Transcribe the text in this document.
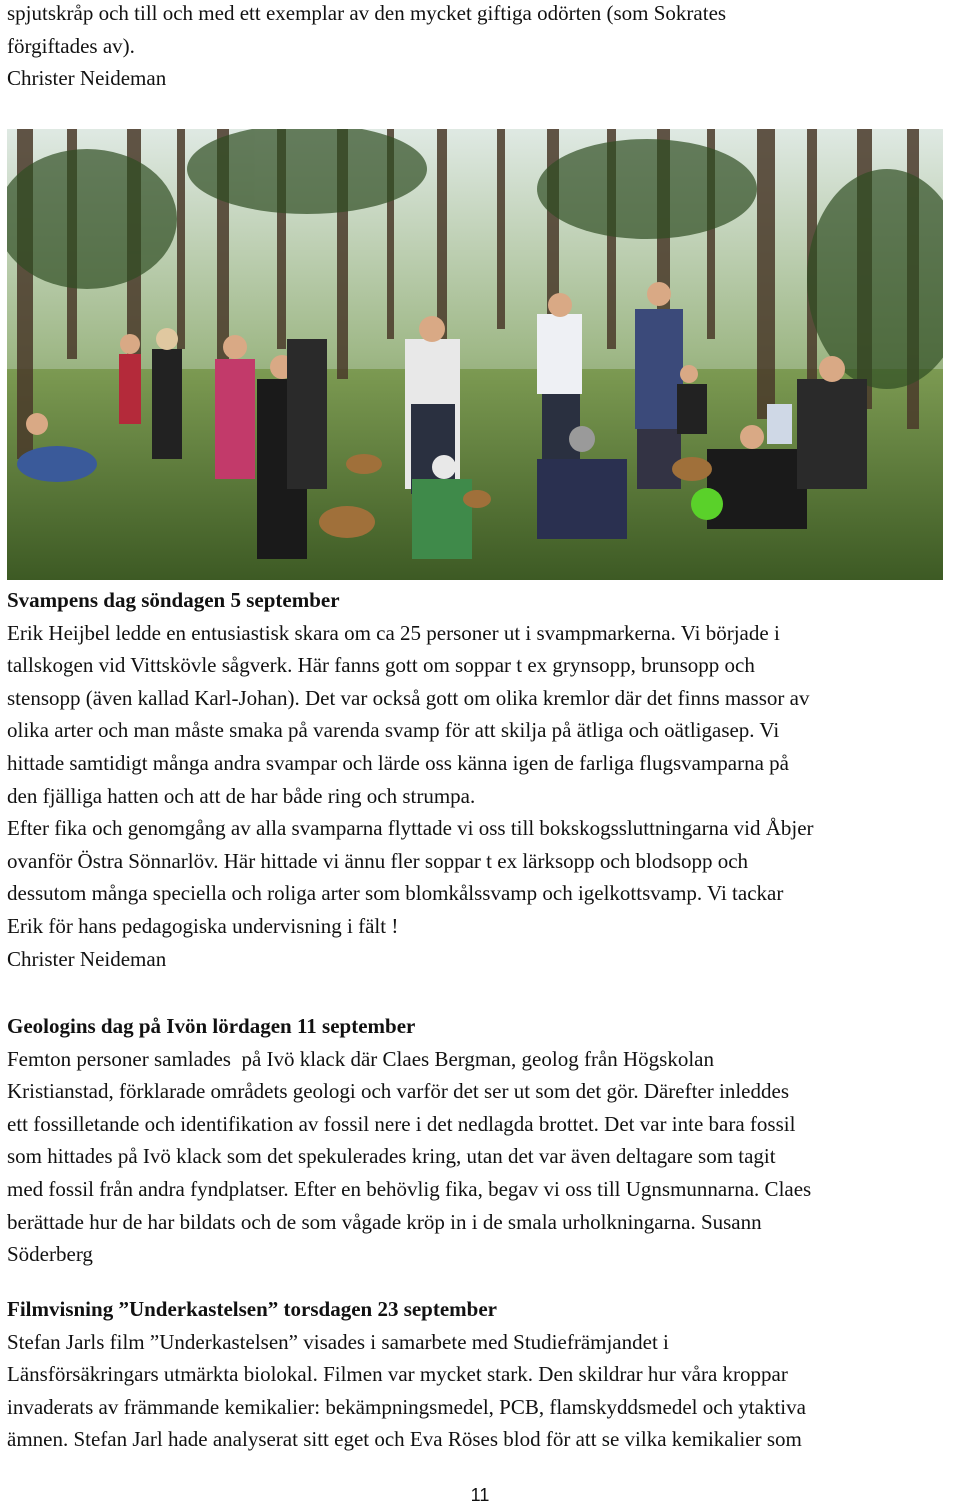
spjutskråp och till och med ett exemplar av den mycket giftiga odörten (som Sokrates

förgiftades av).

Christer Neideman

Svampens dag söndagen 5 september

Erik Heijbel ledde en entusiastisk skara om ca 25 personer ut i svampmarkerna. Vi började i

tallskogen vid Vittskövle sågverk. Här fanns gott om soppar t ex grynsopp, brunsopp och

stensopp (även kallad Karl-Johan). Det var också gott om olika kremlor där det finns massor av

olika arter och man måste smaka på varenda svamp för att skilja på ätliga och oätligasep. Vi

hittade samtidigt många andra svampar och lärde oss känna igen de farliga flugsvamparna på

den fjälliga hatten och att de har både ring och strumpa.

Efter fika och genomgång av alla svamparna flyttade vi oss till bokskogssluttningarna vid Åbjer

ovanför Östra Sönnarlöv. Här hittade vi ännu fler soppar t ex lärksopp och blodsopp och

dessutom många speciella och roliga arter som blomkålssvamp och igelkottsvamp. Vi tackar

Erik för hans pedagogiska undervisning i fält !

Christer Neideman

Geologins dag på Ivön lördagen 11 september

Femton personer samlades  på Ivö klack där Claes Bergman, geolog från Högskolan

Kristianstad, förklarade områdets geologi och varför det ser ut som det gör. Därefter inleddes

ett fossilletande och identifikation av fossil nere i det nedlagda brottet. Det var inte bara fossil

som hittades på Ivö klack som det spekulerades kring, utan det var även deltagare som tagit

med fossil från andra fyndplatser. Efter en behövlig fika, begav vi oss till Ugnsmunnarna. Claes

berättade hur de har bildats och de som vågade kröp in i de smala urholkningarna. Susann

Söderberg

Filmvisning ”Underkastelsen” torsdagen 23 september

Stefan Jarls film ”Underkastelsen” visades i samarbete med Studiefrämjandet i

Länsförsäkringars utmärkta biolokal. Filmen var mycket stark. Den skildrar hur våra kroppar

invaderats av främmande kemikalier: bekämpningsmedel, PCB, flamskyddsmedel och ytaktiva

ämnen. Stefan Jarl hade analyserat sitt eget och Eva Röses blod för att se vilka kemikalier som

11
